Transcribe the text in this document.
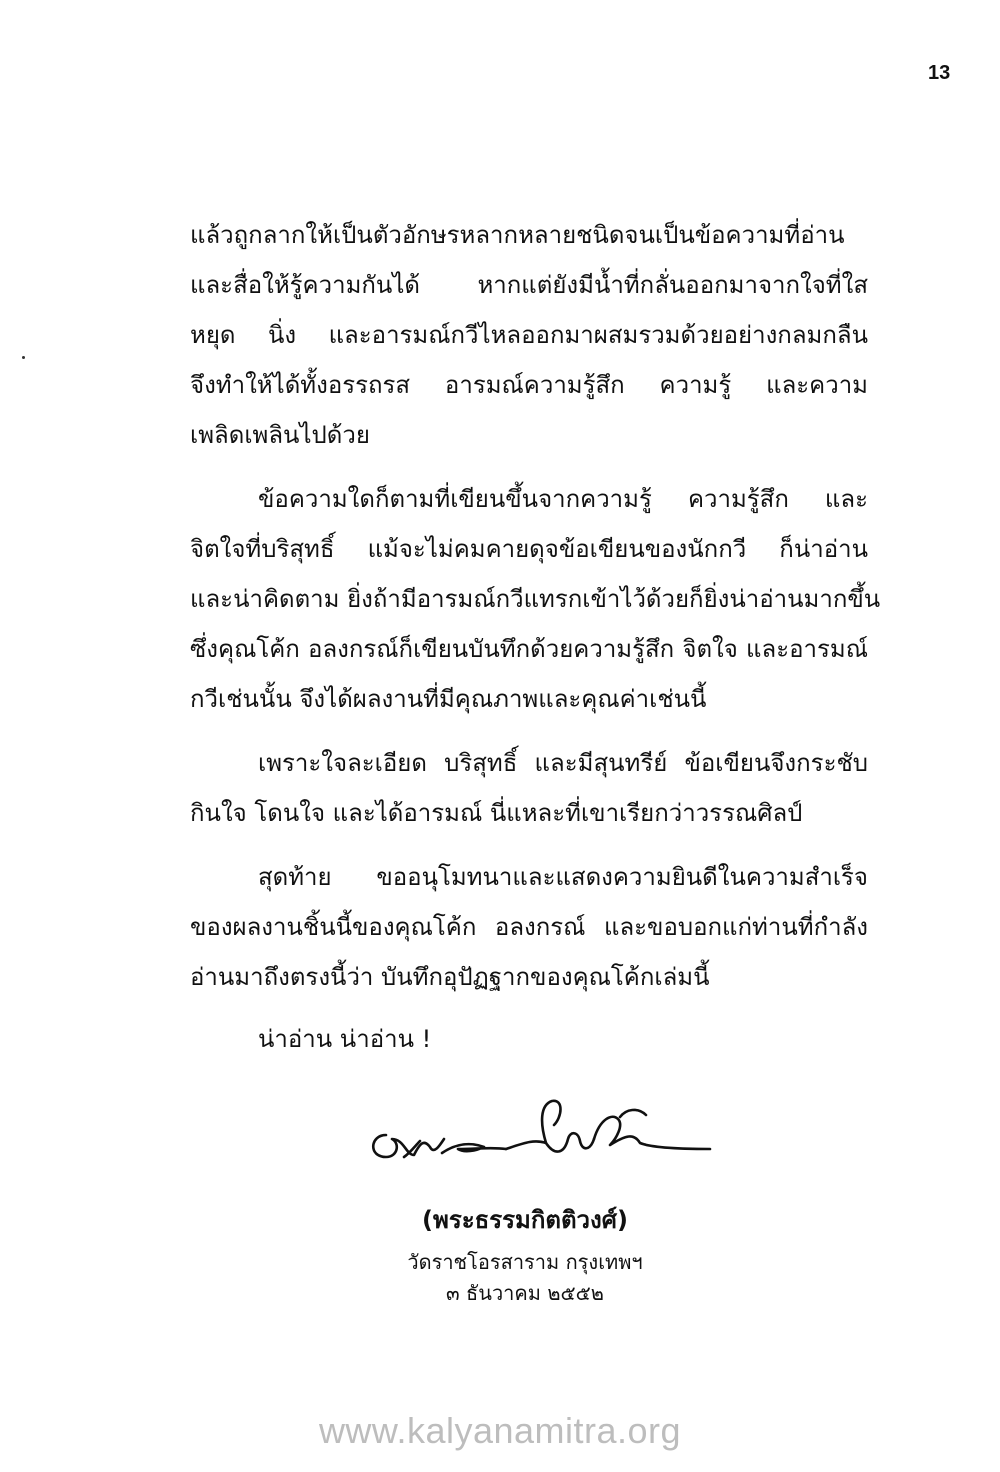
13
แล้วถูกลากให้เป็นตัวอักษรหลากหลายชนิดจนเป็นข้อความที่อ่าน
และสื่อให้รู้ความกันได้ หากแต่ยังมีน้ำที่กลั่นออกมาจากใจที่ใส
หยุด นิ่ง และอารมณ์กวีไหลออกมาผสมรวมด้วยอย่างกลมกลืน
จึงทำให้ได้ทั้งอรรถรส อารมณ์ความรู้สึก ความรู้ และความ
เพลิดเพลินไปด้วย
ข้อความใดก็ตามที่เขียนขึ้นจากความรู้ ความรู้สึก และ
จิตใจที่บริสุทธิ์ แม้จะไม่คมคายดุจข้อเขียนของนักกวี ก็น่าอ่าน
และน่าคิดตาม ยิ่งถ้ามีอารมณ์กวีแทรกเข้าไว้ด้วยก็ยิ่งน่าอ่านมากขึ้น
ซึ่งคุณโค้ก อลงกรณ์ก็เขียนบันทึกด้วยความรู้สึก จิตใจ และอารมณ์
กวีเช่นนั้น จึงได้ผลงานที่มีคุณภาพและคุณค่าเช่นนี้
เพราะใจละเอียด บริสุทธิ์ และมีสุนทรีย์ ข้อเขียนจึงกระชับ
กินใจ โดนใจ และได้อารมณ์ นี่แหละที่เขาเรียกว่าวรรณศิลป์
สุดท้าย ขออนุโมทนาและแสดงความยินดีในความสำเร็จ
ของผลงานชิ้นนี้ของคุณโค้ก อลงกรณ์ และขอบอกแก่ท่านที่กำลัง
อ่านมาถึงตรงนี้ว่า บันทึกอุปัฏฐากของคุณโค้กเล่มนี้
น่าอ่าน น่าอ่าน !
(พระธรรมกิตติวงศ์)
วัดราชโอรสาราม กรุงเทพฯ
๓ ธันวาคม ๒๕๕๒
www.kalyanamitra.org
